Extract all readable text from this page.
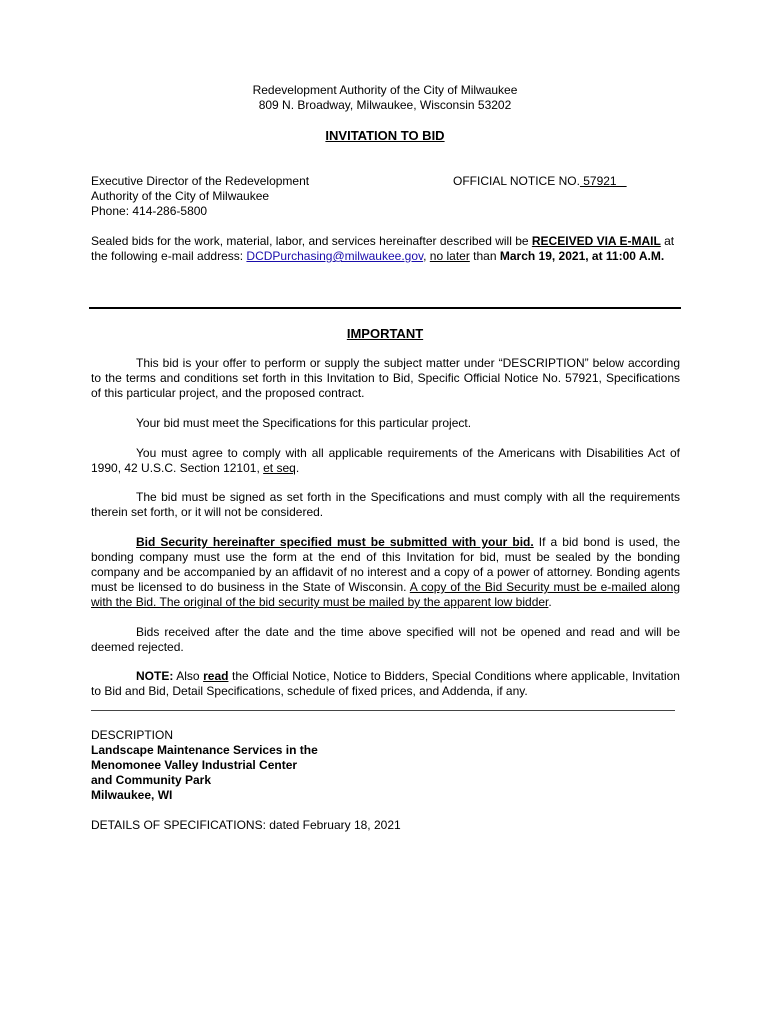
Redevelopment Authority of the City of Milwaukee
809 N. Broadway, Milwaukee, Wisconsin 53202
INVITATION TO BID
Executive Director of the Redevelopment
Authority of the City of Milwaukee
Phone: 414-286-5800
OFFICIAL NOTICE NO. 57921

Sealed bids for the work, material, labor, and services hereinafter described will be RECEIVED VIA E-MAIL at the following e-mail address: DCDPurchasing@milwaukee.gov, no later than March 19, 2021, at 11:00 A.M.

IMPORTANT

This bid is your offer to perform or supply the subject matter under “DESCRIPTION” below according to the terms and conditions set forth in this Invitation to Bid, Specific Official Notice No. 57921, Specifications of this particular project, and the proposed contract.

Your bid must meet the Specifications for this particular project.

You must agree to comply with all applicable requirements of the Americans with Disabilities Act of 1990, 42 U.S.C. Section 12101, et seq.

The bid must be signed as set forth in the Specifications and must comply with all the requirements therein set forth, or it will not be considered.

Bid Security hereinafter specified must be submitted with your bid. If a bid bond is used, the bonding company must use the form at the end of this Invitation for bid, must be sealed by the bonding company and be accompanied by an affidavit of no interest and a copy of a power of attorney. Bonding agents must be licensed to do business in the State of Wisconsin. A copy of the Bid Security must be e-mailed along with the Bid. The original of the bid security must be mailed by the apparent low bidder.

Bids received after the date and the time above specified will not be opened and read and will be deemed rejected.

NOTE: Also read the Official Notice, Notice to Bidders, Special Conditions where applicable, Invitation to Bid and Bid, Detail Specifications, schedule of fixed prices, and Addenda, if any.

DESCRIPTION
Landscape Maintenance Services in the
Menomonee Valley Industrial Center
and Community Park
Milwaukee, WI
DETAILS OF SPECIFICATIONS: dated February 18, 2021
